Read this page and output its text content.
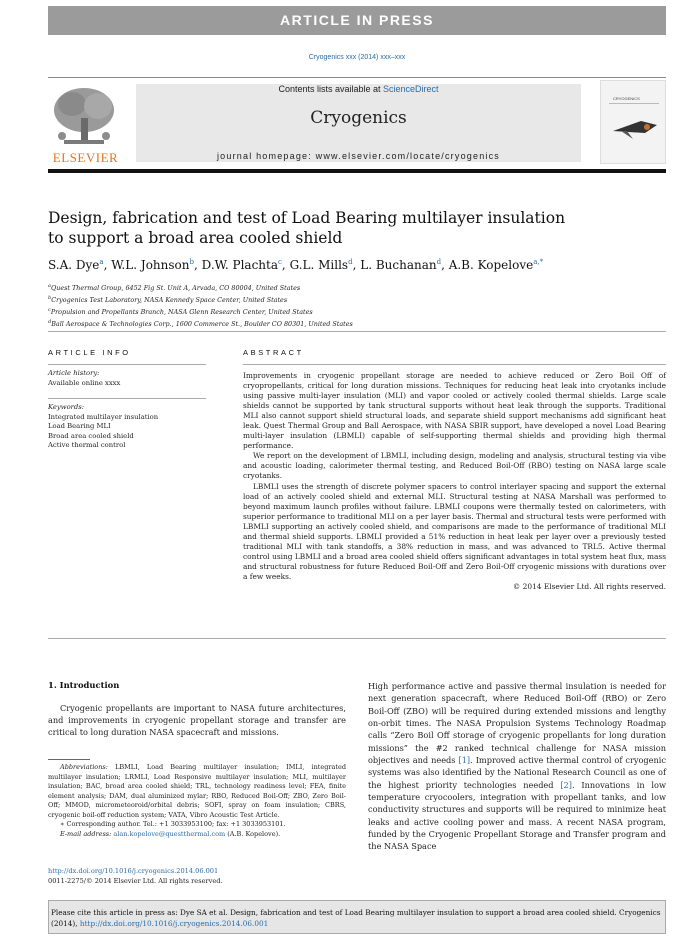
ARTICLE IN PRESS
Cryogenics xxx (2014) xxx–xxx
ELSEVIER
Contents lists available at ScienceDirect
Cryogenics
journal homepage: www.elsevier.com/locate/cryogenics
CRYOGENICS
Design, fabrication and test of Load Bearing multilayer insulation to support a broad area cooled shield
S.A. Dye$^a$, W.L. Johnson$^b$, D.W. Plachta$^c$, G.L. Mills$^d$, L. Buchanan$^d$, A.B. Kopelove$^{a,*}$
$^a$Quest Thermal Group, 6452 Fig St. Unit A, Arvada, CO 80004, United States
$^b$Cryogenics Test Laboratory, NASA Kennedy Space Center, United States
$^c$Propulsion and Propellants Branch, NASA Glenn Research Center, United States
$^d$Ball Aerospace & Technologies Corp., 1600 Commerce St., Boulder CO 80301, United States
ARTICLE INFO
Article history:
Available online xxxx
Keywords:
Integrated multilayer insulation
Load Bearing MLI
Broad area cooled shield
Active thermal control
ABSTRACT

Improvements in cryogenic propellant storage are needed to achieve reduced or Zero Boil Off of cryopropellants, critical for long duration missions. Techniques for reducing heat leak into cryotanks include using passive multi-layer insulation (MLI) and vapor cooled or actively cooled thermal shields. Large scale shields cannot be supported by tank structural supports without heat leak through the supports. Traditional MLI also cannot support shield structural loads, and separate shield support mechanisms add significant heat leak. Quest Thermal Group and Ball Aerospace, with NASA SBIR support, have developed a novel Load Bearing multi-layer insulation (LBMLI) capable of self-supporting thermal shields and providing high thermal performance.

We report on the development of LBMLI, including design, modeling and analysis, structural testing via vibe and acoustic loading, calorimeter thermal testing, and Reduced Boil-Off (RBO) testing on NASA large scale cryotanks.

LBMLI uses the strength of discrete polymer spacers to control interlayer spacing and support the external load of an actively cooled shield and external MLI. Structural testing at NASA Marshall was performed to beyond maximum launch profiles without failure. LBMLI coupons were thermally tested on calorimeters, with superior performance to traditional MLI on a per layer basis. Thermal and structural tests were performed with LBMLI supporting an actively cooled shield, and comparisons are made to the performance of traditional MLI and thermal shield supports. LBMLI provided a 51% reduction in heat leak per layer over a previously tested traditional MLI with tank standoffs, a 38% reduction in mass, and was advanced to TRL5. Active thermal control using LBMLI and a broad area cooled shield offers significant advantages in total system heat flux, mass and structural robustness for future Reduced Boil-Off and Zero Boil-Off cryogenic missions with durations over a few weeks.

© 2014 Elsevier Ltd. All rights reserved.
1. Introduction
Cryogenic propellants are important to NASA future architectures, and improvements in cryogenic propellant storage and transfer are critical to long duration NASA spacecraft and missions.
Abbreviations: LBMLI, Load Bearing multilayer insulation; IMLI, integrated multilayer insulation; LRMLI, Load Responsive multilayer insulation; MLI, multilayer insulation; BAC, broad area cooled shield; TRL, technology readiness level; FEA, finite element analysis; DAM, dual aluminized mylar; RBO, Reduced Boil-Off; ZBO, Zero Boil-Off; MMOD, micrometeoroid/orbital debris; SOFI, spray on foam insulation; CBRS, cryogenic boil-off reduction system; VATA, Vibro Acoustic Test Article.
∗ Corresponding author. Tel.: +1 3033953100; fax: +1 3033953101.
E-mail address: alan.kopelove@questthermal.com (A.B. Kopelove).
http://dx.doi.org/10.1016/j.cryogenics.2014.06.001
0011-2275/© 2014 Elsevier Ltd. All rights reserved.
High performance active and passive thermal insulation is needed for next generation spacecraft, where Reduced Boil-Off (RBO) or Zero Boil-Off (ZBO) will be required during extended missions and lengthy on-orbit times. The NASA Propulsion Systems Technology Roadmap calls “Zero Boil Off storage of cryogenic propellants for long duration missions” the #2 ranked technical challenge for NASA mission objectives and needs [1]. Improved active thermal control of cryogenic systems was also identified by the National Research Council as one of the highest priority technologies needed [2]. Innovations in low temperature cryocoolers, integration with propellant tanks, and low conductivity structures and supports will be required to minimize heat leaks and active cooling power and mass. A recent NASA program, funded by the Cryogenic Propellant Storage and Transfer program and the NASA Space
Please cite this article in press as: Dye SA et al. Design, fabrication and test of Load Bearing multilayer insulation to support a broad area cooled shield. Cryogenics (2014), http://dx.doi.org/10.1016/j.cryogenics.2014.06.001
